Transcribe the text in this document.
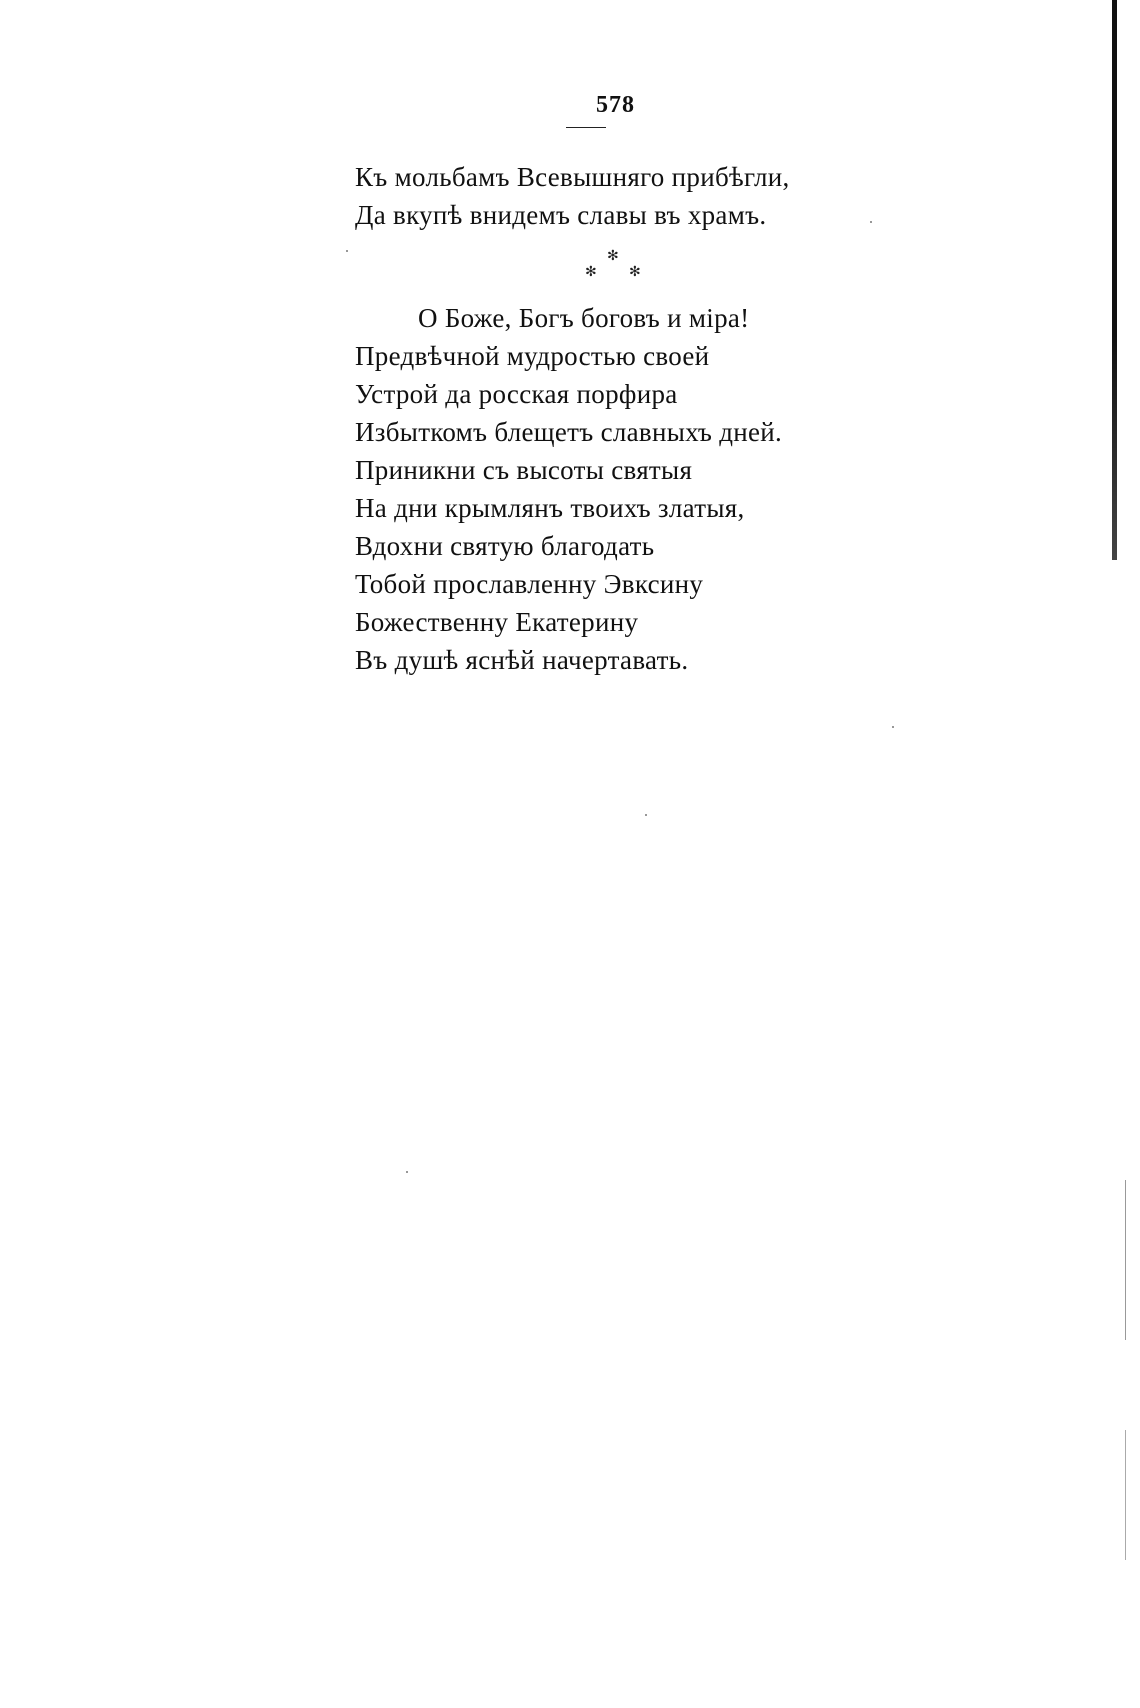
578
Къ мольбамъ Всевышняго прибѣгли,
Да вкупѣ внидемъ славы въ храмъ.
✻
✻ ✻
О Боже, Богъ боговъ и міра!
Предвѣчной мудростью своей
Устрой да росская порфира
Избыткомъ блещетъ славныхъ дней.
Приникни съ высоты святыя
На дни крымлянъ твоихъ златыя,
Вдохни святую благодать
Тобой прославленну Эвксину
Божественну Екатерину
Въ душѣ яснѣй начертавать.
